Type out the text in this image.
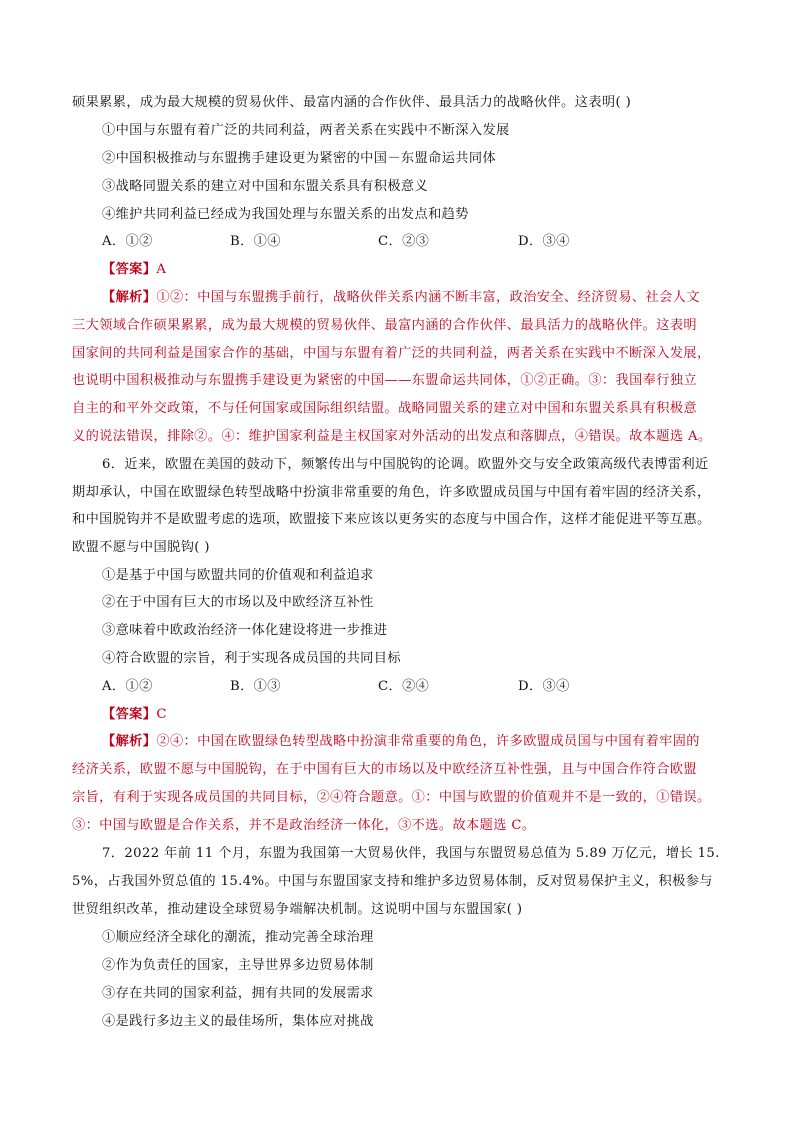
硕果累累，成为最大规模的贸易伙伴、最富内涵的合作伙伴、最具活力的战略伙伴。这表明( )
①中国与东盟有着广泛的共同利益，两者关系在实践中不断深入发展
②中国积极推动与东盟携手建设更为紧密的中国－东盟命运共同体
③战略同盟关系的建立对中国和东盟关系具有积极意义
④维护共同利益已经成为我国处理与东盟关系的出发点和趋势
A．①②	B．①④	C．②③	D．③④
【答案】A
【解析】①②：中国与东盟携手前行，战略伙伴关系内涵不断丰富，政治安全、经济贸易、社会人文
三大领域合作硕果累累，成为最大规模的贸易伙伴、最富内涵的合作伙伴、最具活力的战略伙伴。这表明
国家间的共同利益是国家合作的基础，中国与东盟有着广泛的共同利益，两者关系在实践中不断深入发展，
也说明中国积极推动与东盟携手建设更为紧密的中国——东盟命运共同体，①②正确。③：我国奉行独立
自主的和平外交政策，不与任何国家或国际组织结盟。战略同盟关系的建立对中国和东盟关系具有积极意
义的说法错误，排除②。④：维护国家利益是主权国家对外活动的出发点和落脚点，④错误。故本题选 A。
6．近来，欧盟在美国的鼓动下，频繁传出与中国脱钩的论调。欧盟外交与安全政策高级代表博雷利近
期却承认，中国在欧盟绿色转型战略中扮演非常重要的角色，许多欧盟成员国与中国有着牢固的经济关系，
和中国脱钩并不是欧盟考虑的选项，欧盟接下来应该以更务实的态度与中国合作，这样才能促进平等互惠。
欧盟不愿与中国脱钩( )
①是基于中国与欧盟共同的价值观和利益追求
②在于中国有巨大的市场以及中欧经济互补性
③意味着中欧政治经济一体化建设将进一步推进
④符合欧盟的宗旨，利于实现各成员国的共同目标
A．①②	B．①③	C．②④	D．③④
【答案】C
【解析】②④：中国在欧盟绿色转型战略中扮演非常重要的角色，许多欧盟成员国与中国有着牢固的
经济关系，欧盟不愿与中国脱钩，在于中国有巨大的市场以及中欧经济互补性强，且与中国合作符合欧盟
宗旨，有利于实现各成员国的共同目标，②④符合题意。①：中国与欧盟的价值观并不是一致的，①错误。
③：中国与欧盟是合作关系，并不是政治经济一体化，③不选。故本题选 C。
7．2022 年前 11 个月，东盟为我国第一大贸易伙伴，我国与东盟贸易总值为 5.89 万亿元，增长 15.
5%，占我国外贸总值的 15.4%。中国与东盟国家支持和维护多边贸易体制，反对贸易保护主义，积极参与
世贸组织改革，推动建设全球贸易争端解决机制。这说明中国与东盟国家( )
①顺应经济全球化的潮流，推动完善全球治理
②作为负责任的国家，主导世界多边贸易体制
③存在共同的国家利益，拥有共同的发展需求
④是践行多边主义的最佳场所，集体应对挑战
